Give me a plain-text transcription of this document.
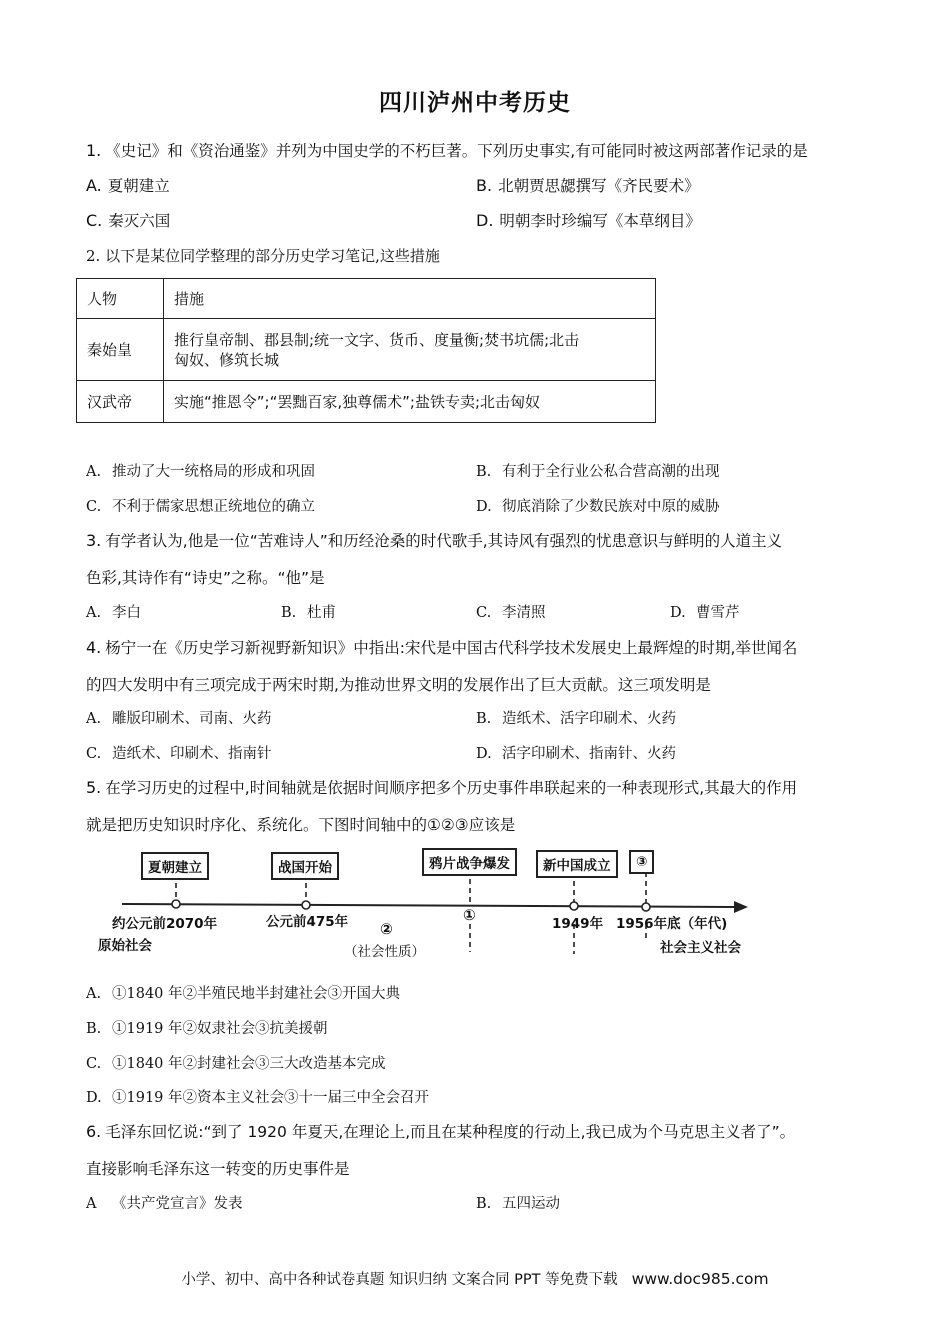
四川泸州中考历史
1. 《史记》和《资治通鉴》并列为中国史学的不朽巨著。下列历史事实,有可能同时被这两部著作记录的是
A. 夏朝建立	B. 北朝贾思勰撰写《齐民要术》
C. 秦灭六国	D. 明朝李时珍编写《本草纲目》
2. 以下是某位同学整理的部分历史学习笔记,这些措施
人物	措施
秦始皇	推行皇帝制、郡县制;统一文字、货币、度量衡;焚书坑儒;北击
匈奴、修筑长城

汉武帝	实施“推恩令”;“罢黜百家,独尊儒术”;盐铁专卖;北击匈奴
A. 推动了大一统格局的形成和巩固	B. 有利于全行业公私合营高潮的出现
C. 不利于儒家思想正统地位的确立	D. 彻底消除了少数民族对中原的威胁
3. 有学者认为,他是一位“苦难诗人”和历经沧桑的时代歌手,其诗风有强烈的忧患意识与鲜明的人道主义
色彩,其诗作有“诗史”之称。“他”是
A. 李白	B. 杜甫	C. 李清照	D. 曹雪芹
4. 杨宁一在《历史学习新视野新知识》中指出:宋代是中国古代科学技术发展史上最辉煌的时期,举世闻名
的四大发明中有三项完成于两宋时期,为推动世界文明的发展作出了巨大贡献。这三项发明是
A. 雕版印刷术、司南、火药	B. 造纸术、活字印刷术、火药
C. 造纸术、印刷术、指南针	D. 活字印刷术、指南针、火药
5. 在学习历史的过程中,时间轴就是依据时间顺序把多个历史事件串联起来的一种表现形式,其最大的作用
就是把历史知识时序化、系统化。下图时间轴中的①②③应该是
夏朝建立	战国开始	鸦片战争爆发	新中国成立	③
约公元前2070年	公元前475年	①	1949年 1956年底（年代)
原始社会
②
（社会性质）	社会主义社会
A. ①1840 年②半殖民地半封建社会③开国大典
B. ①1919 年②奴隶社会③抗美援朝
C. ①1840 年②封建社会③三大改造基本完成
D. ①1919 年②资本主义社会③十一届三中全会召开
6. 毛泽东回忆说:“到了 1920 年夏天,在理论上,而且在某种程度的行动上,我已成为个马克思主义者了”。
直接影响毛泽东这一转变的历史事件是
A 《共产党宣言》发表	B. 五四运动
小学、初中、高中各种试卷真题 知识归纳 文案合同 PPT 等免费下载 www.doc985.com
